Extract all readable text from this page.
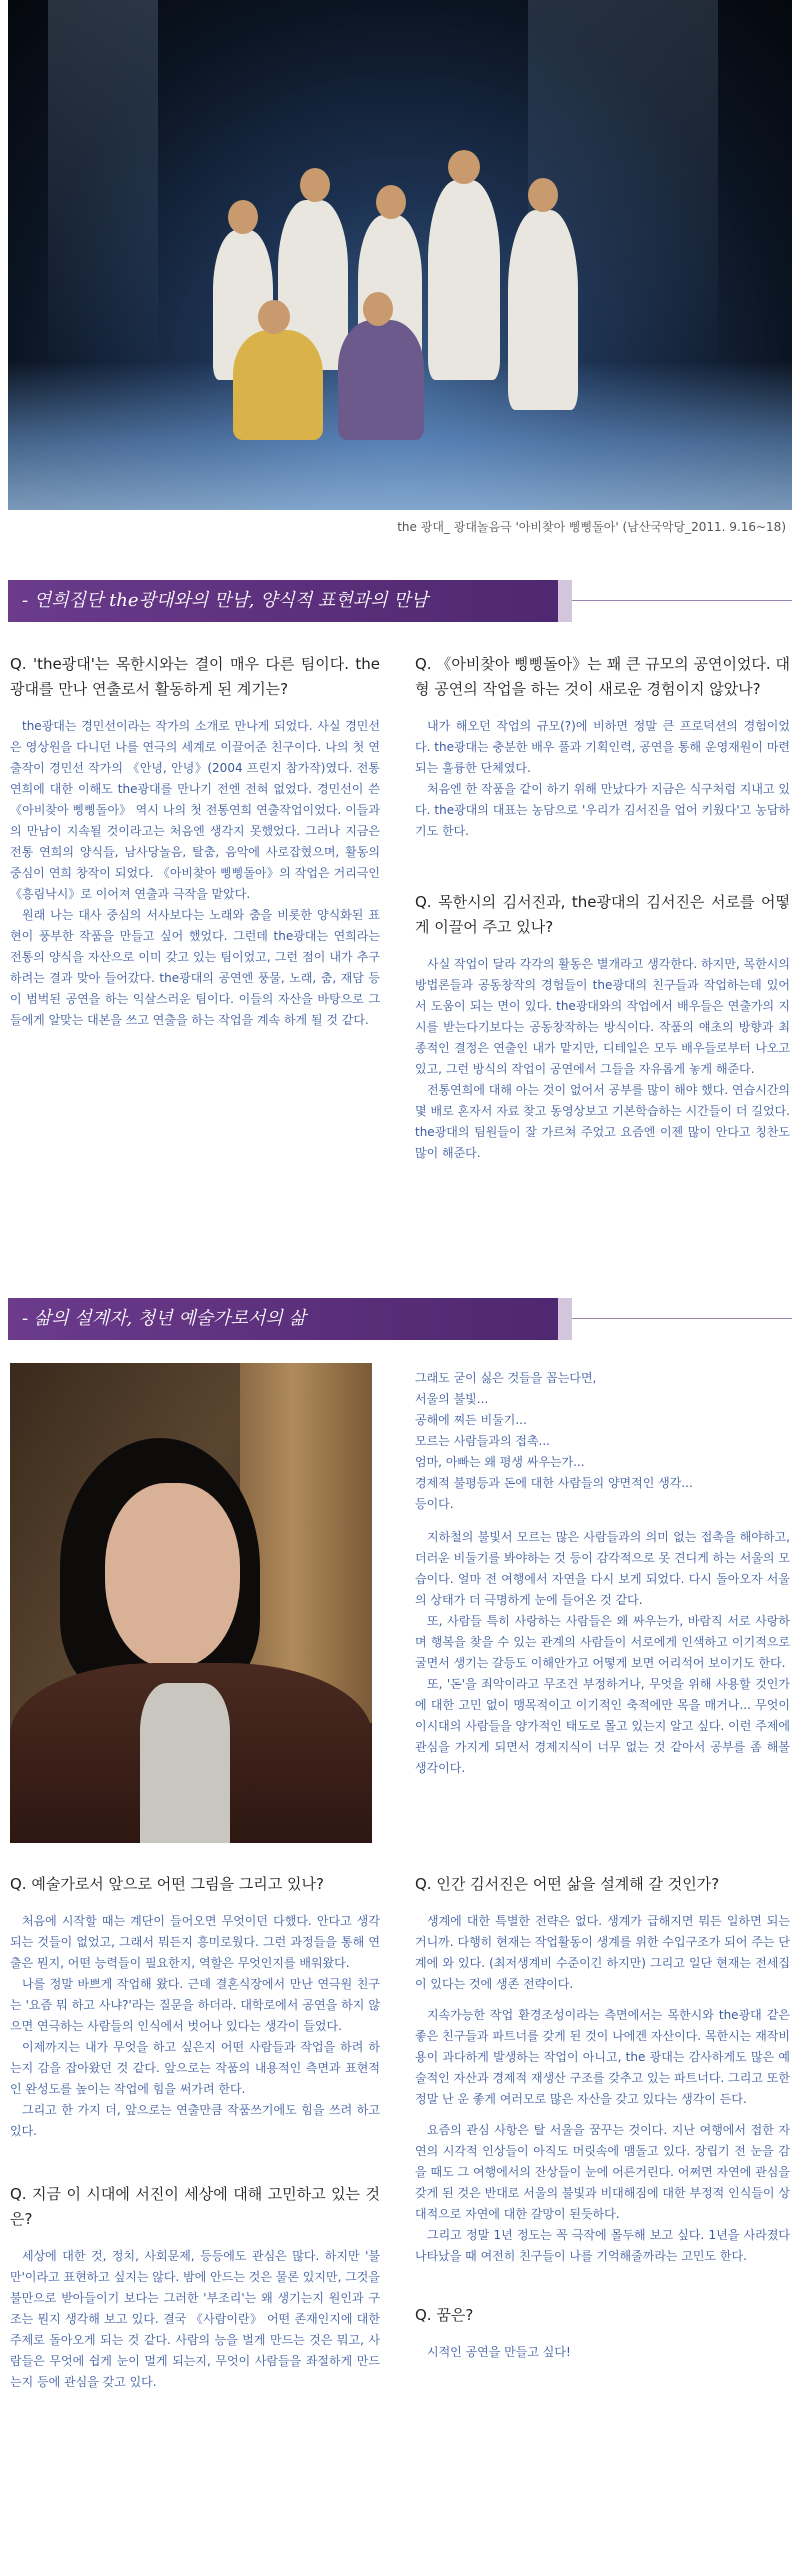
the 광대_ 광대놀음극 '아비찾아 삥삥돌아' (남산국악당_2011. 9.16~18)
- 연희집단 the광대와의 만남, 양식적 표현과의 만남

Q. 'the광대'는 목한시와는 결이 매우 다른 팀이다. the 광대를 만나 연출로서 활동하게 된 계기는?

the광대는 경민선이라는 작가의 소개로 만나게 되었다. 사실 경민선은 영상원을 다니던 나를 연극의 세계로 이끌어준 친구이다. 나의 첫 연출작이 경민선 작가의 《안녕, 안녕》(2004 프린지 참가작)였다. 전통연희에 대한 이해도 the광대를 만나기 전엔 전혀 없었다. 경민선이 쓴 《아비찾아 삥삥돌아》 역시 나의 첫 전통연희 연출작업이었다. 이들과의 만남이 지속될 것이라고는 처음엔 생각지 못했었다. 그러나 지금은 전통 연희의 양식들, 남사당놀음, 탈춤, 음악에 사로잡혔으며, 활동의 중심이 연희 창작이 되었다. 《아비찾아 삥삥돌아》의 작업은 거리극인 《흥림낙시》로 이어져 연출과 극작을 맡았다.

원래 나는 대사 중심의 서사보다는 노래와 춤을 비롯한 양식화된 표현이 풍부한 작품을 만들고 싶어 했었다. 그런데 the광대는 연희라는 전통의 양식을 자산으로 이미 갖고 있는 팀이었고, 그런 점이 내가 추구하려는 결과 맞아 들어갔다. the광대의 공연엔 풍물, 노래, 춤, 재담 등이 범벅된 공연을 하는 익살스러운 팀이다. 이들의 자산을 바탕으로 그들에게 알맞는 대본을 쓰고 연출을 하는 작업을 계속 하게 될 것 같다.

Q. 《아비찾아 삥삥돌아》는 꽤 큰 규모의 공연이었다. 대형 공연의 작업을 하는 것이 새로운 경험이지 않았나?

내가 해오던 작업의 규모(?)에 비하면 정말 큰 프로덕션의 경험이었다. the광대는 충분한 배우 풀과 기획인력, 공연을 통해 운영재원이 마련되는 훌륭한 단체였다.

처음엔 한 작품을 같이 하기 위해 만났다가 지금은 식구처럼 지내고 있다. the광대의 대표는 농담으로 '우리가 김서진을 업어 키웠다'고 농담하기도 한다.

Q. 목한시의 김서진과, the광대의 김서진은 서로를 어떻게 이끌어 주고 있나?

사실 작업이 달라 각각의 활동은 별개라고 생각한다. 하지만, 목한시의 방법론들과 공동창작의 경험들이 the광대의 친구들과 작업하는데 있어서 도움이 되는 면이 있다. the광대와의 작업에서 배우들은 연출가의 지시를 받는다기보다는 공동창작하는 방식이다. 작품의 얘초의 방향과 최종적인 결정은 연출인 내가 맡지만, 디테일은 모두 배우들로부터 나오고 있고, 그런 방식의 작업이 공연에서 그들을 자유롭게 놓게 해준다.

전통연희에 대해 아는 것이 없어서 공부를 많이 해야 했다. 연습시간의 몇 배로 혼자서 자료 찾고 동영상보고 기본학습하는 시간들이 더 길었다. the광대의 팀원들이 잘 가르쳐 주었고 요즘엔 이젠 많이 안다고 칭찬도 많이 해준다.

- 삶의 설계자, 청년 예술가로서의 삶

그래도 굳이 싫은 것들을 꼽는다면,

서울의 불빛...

공해에 찌든 비둘기...

모르는 사람들과의 접촉...

엄마, 아빠는 왜 평생 싸우는가...

경제적 불평등과 돈에 대한 사람들의 양면적인 생각...

등이다.

지하철의 불빛서 모르는 많은 사람들과의 의미 없는 접촉을 해야하고, 더러운 비둘기를 봐야하는 것 등이 감각적으로 못 견디게 하는 서울의 모습이다. 얼마 전 여행에서 자연을 다시 보게 되었다. 다시 돌아오자 서울의 상태가 더 극명하게 눈에 들어온 것 같다.

또, 사람들 특히 사랑하는 사람들은 왜 싸우는가, 바람직 서로 사랑하며 행복을 찾을 수 있는 관계의 사람들이 서로에게 인색하고 이기적으로 굴면서 생기는 갈등도 이해안가고 어떻게 보면 어리석어 보이기도 한다.

또, '돈'을 죄악이라고 무조건 부정하거나, 무엇을 위해 사용할 것인가에 대한 고민 없이 맹목적이고 이기적인 축적에만 목을 매거나... 무엇이 이시대의 사람들을 양가적인 태도로 몰고 있는지 알고 싶다. 이런 주제에 관심을 가지게 되면서 경제지식이 너무 없는 것 같아서 공부를 좀 해볼 생각이다.

Q. 예술가로서 앞으로 어떤 그림을 그리고 있나?

처음에 시작할 때는 계단이 들어오면 무엇이던 다했다. 안다고 생각되는 것들이 없었고, 그래서 뭐든지 흥미로웠다. 그런 과정들을 통해 연출은 뭔지, 어떤 능력들이 필요한지, 역할은 무엇인지를 배워왔다.

나를 정말 바쁘게 작업해 왔다. 근데 결혼식장에서 만난 연극원 친구는 '요즘 뭐 하고 사냐?'라는 질문을 하더라. 대학로에서 공연을 하지 않으면 연극하는 사람들의 인식에서 벗어나 있다는 생각이 들었다.

이제까지는 내가 무엇을 하고 싶은지 어떤 사람들과 작업을 하려 하는지 감을 잡아왔던 것 같다. 앞으로는 작품의 내용적인 측면과 표현적인 완성도를 높이는 작업에 힘을 써가려 한다.

그리고 한 가지 더, 앞으로는 연출만큼 작품쓰기에도 힘을 쓰려 하고 있다.

Q. 지금 이 시대에 서진이 세상에 대해 고민하고 있는 것은?

세상에 대한 것, 정치, 사회문제, 등등에도 관심은 많다. 하지만 '불만'이라고 표현하고 싶지는 않다. 밤에 안드는 것은 물론 있지만, 그것을 불만으로 받아들이기 보다는 그러한 '부조리'는 왜 생기는지 원인과 구조는 뭔지 생각해 보고 있다. 결국 《사람이란》 어떤 존재인지에 대한 주제로 돌아오게 되는 것 같다. 사람의 능을 벌게 만드는 것은 뭐고, 사람들은 무엇에 쉽게 눈이 멀게 되는지, 무엇이 사람들을 좌절하게 만드는지 등에 관심을 갖고 있다.

Q. 인간 김서진은 어떤 삶을 설계해 갈 것인가?

생계에 대한 특별한 전략은 없다. 생계가 급해지면 뭐든 일하면 되는 거니까. 다행히 현재는 작업활동이 생계를 위한 수입구조가 되어 주는 단계에 와 있다. (최저생계비 수준이긴 하지만) 그리고 일단 현재는 전세집이 있다는 것에 생존 전략이다.

지속가능한 작업 환경조성이라는 측면에서는 목한시와 the광대 같은 좋은 친구들과 파트너를 갖게 된 것이 나에겐 자산이다. 목한시는 재작비용이 과다하게 발생하는 작업이 아니고, the 광대는 감사하게도 많은 예술적인 자산과 경제적 재생산 구조를 갖추고 있는 파트너다. 그리고 또한 정말 난 운 좋게 여러모로 많은 자산을 갖고 있다는 생각이 든다.

요즘의 관심 사항은 탈 서울을 꿈꾸는 것이다. 지난 여행에서 접한 자연의 시각적 인상들이 아직도 머릿속에 맴돌고 있다. 장립기 전 눈을 감을 때도 그 여행에서의 잔상들이 눈에 어른거린다. 어쩌면 자연에 관심을 갖게 된 것은 반대로 서울의 불빛과 비대해짐에 대한 부정적 인식들이 상대적으로 자연에 대한 갈망이 된듯하다.

그리고 정말 1년 정도는 꼭 극작에 몰두해 보고 싶다. 1년을 사라졌다 나타났을 때 여전히 친구들이 나를 기억해줄까라는 고민도 한다.

Q. 꿈은?

시적인 공연을 만들고 싶다!
